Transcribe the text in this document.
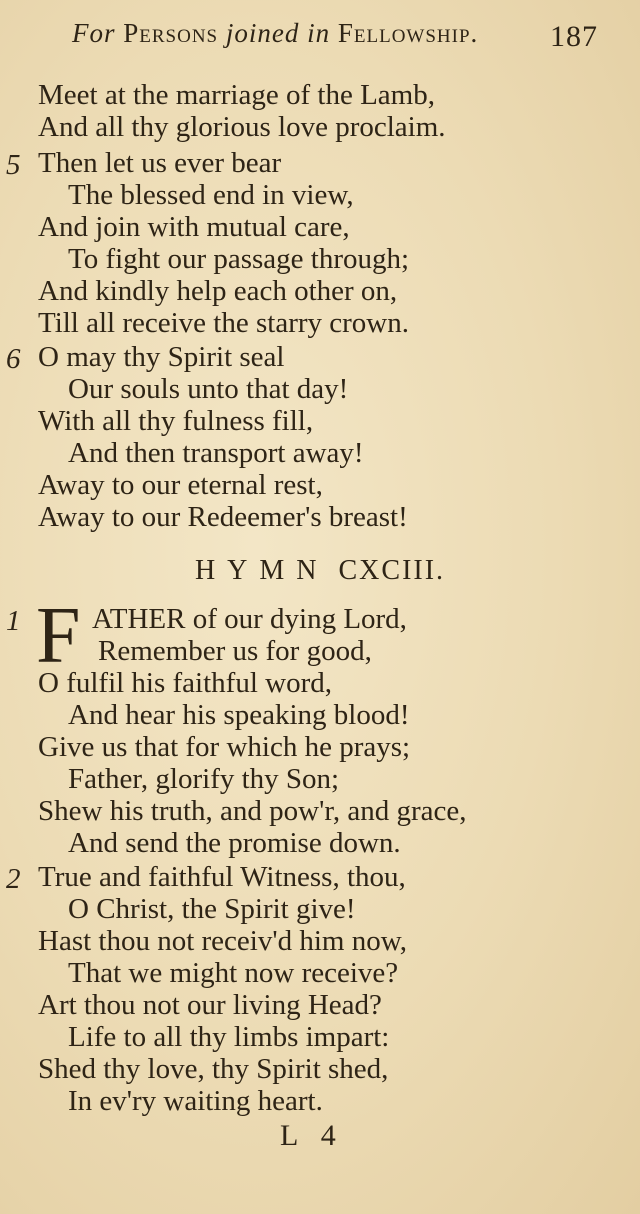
For Persons joined in Fellowship.	187
Meet at the marriage of the Lamb,
And all thy glorious love proclaim.
5 Then let us ever bear
The blessed end in view,
And join with mutual care,
To fight our passage through;
And kindly help each other on,
Till all receive the starry crown.
6 O may thy Spirit seal
Our souls unto that day!
With all thy fulness fill,
And then transport away!
Away to our eternal rest,
Away to our Redeemer's breast!
HYMN CXCIII.
1 F ATHER of our dying Lord,
Remember us for good,
O fulfil his faithful word,
And hear his speaking blood!
Give us that for which he prays;
Father, glorify thy Son;
Shew his truth, and pow'r, and grace,
And send the promise down.
2 True and faithful Witness, thou,
O Christ, the Spirit give!
Hast thou not receiv'd him now,
That we might now receive?
Art thou not our living Head?
Life to all thy limbs impart:
Shed thy love, thy Spirit shed,
In ev'ry waiting heart.
L 4
